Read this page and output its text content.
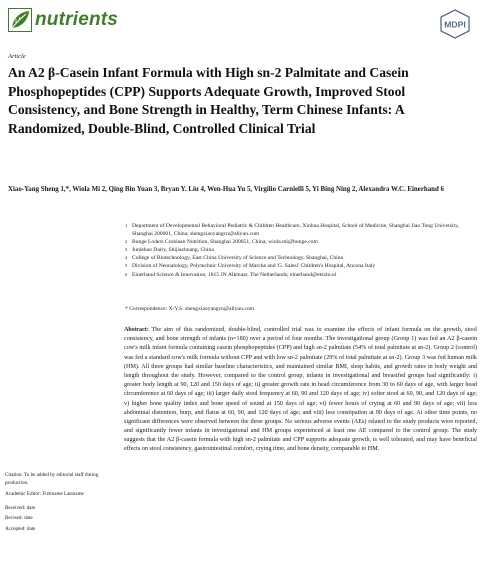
nutrients	MDPI
Article
An A2 β-Casein Infant Formula with High sn-2 Palmitate and Casein Phosphopeptides (CPP) Supports Adequate Growth, Improved Stool Consistency, and Bone Strength in Healthy, Term Chinese Infants: A Randomized, Double-Blind, Controlled Clinical Trial
Xiao-Yang Sheng 1,*, Wiola Mi 2, Qing Bin Yuan 3, Bryan Y. Liu 4, Wen-Hua Yu 5, Virgilio Carnielli 5, Yi Bing Ning 2, Alexandra W.C. Einerhand 6
1 Department of Developmental Behavioral Pediatric & Children Healthcare, Xinhua Hospital, School of Medicine, Shanghai Jiao Tong University, Shanghai 200001, China; shengxiaoyangcn@aliyun.com
2 Bunge Loders Croklaan Nutrition, Shanghai 200051, China; wiola.mi@bunge.com
3 Junlebao Dairy, Shijiazhuang, China
4 College of Biotechnology, East China University of Science and Technology, Shanghai, China
5 Division of Neonatology, Polytechnic University of Marche and 'G. Salesi' Children's Hospital, Ancona Italy
6 Einerhand Science & Innovation, 1815 JN Alkmaar, The Netherlands; einerhand@etsi4u.nl
* Correspondence: X-Y.S. shengxiaoyangcn@aliyun.com

Abstract: The aim of this randomized, double-blind, controlled trial was to examine the effects of infant formula on the growth, stool consistency, and bone strength of infants (n=180) over a period of four months. The investigational group (Group 1) was fed an A2 β-casein cow's milk infant formula containing casein phosphopeptides (CPP) and high sn-2 palmitate (54% of total palmitate at sn-2). Group 2 (control) was fed a standard cow's milk formula without CPP and with low sn-2 palmitate (29% of total palmitate at sn-2). Group 3 was fed human milk (HM). All three groups had similar baseline characteristics, and maintained similar BMI, sleep habits, and growth rates in body weight and length throughout the study. However, compared to the control group, infants in investigational and breastfed groups had significantly: i) greater body length at 90, 120 and 150 days of age; ii) greater growth rate in head circumference from 30 to 60 days of age, with larger head circumference at 60 days of age; iii) larger daily stool frequency at 60, 90 and 120 days of age; iv) softer stool at 60, 90, and 120 days of age; v) higher bone quality index and bone speed of sound at 150 days of age; vi) fewer hours of crying at 60 and 90 days of age; vii) less abdominal distention, burp, and flatus at 60, 90, and 120 days of age; and viii) less constipation at 90 days of age. At other time points, no significant differences were observed between the three groups. No serious adverse events (AEs) related to the study products were reported, and significantly fewer infants in investigational and HM groups experienced at least one AE compared to the control group. The study suggests that the A2 β-casein formula with high sn-2 palmitate and CPP supports adequate growth, is well tolerated, and may have beneficial effects on stool consistency, gastrointestinal comfort, crying time, and bone density, comparable to HM.

Citation: To be added by editorial staff during production.
Academic Editor: Firstname Lastname
Received: date
Revised: date
Accepted: date
